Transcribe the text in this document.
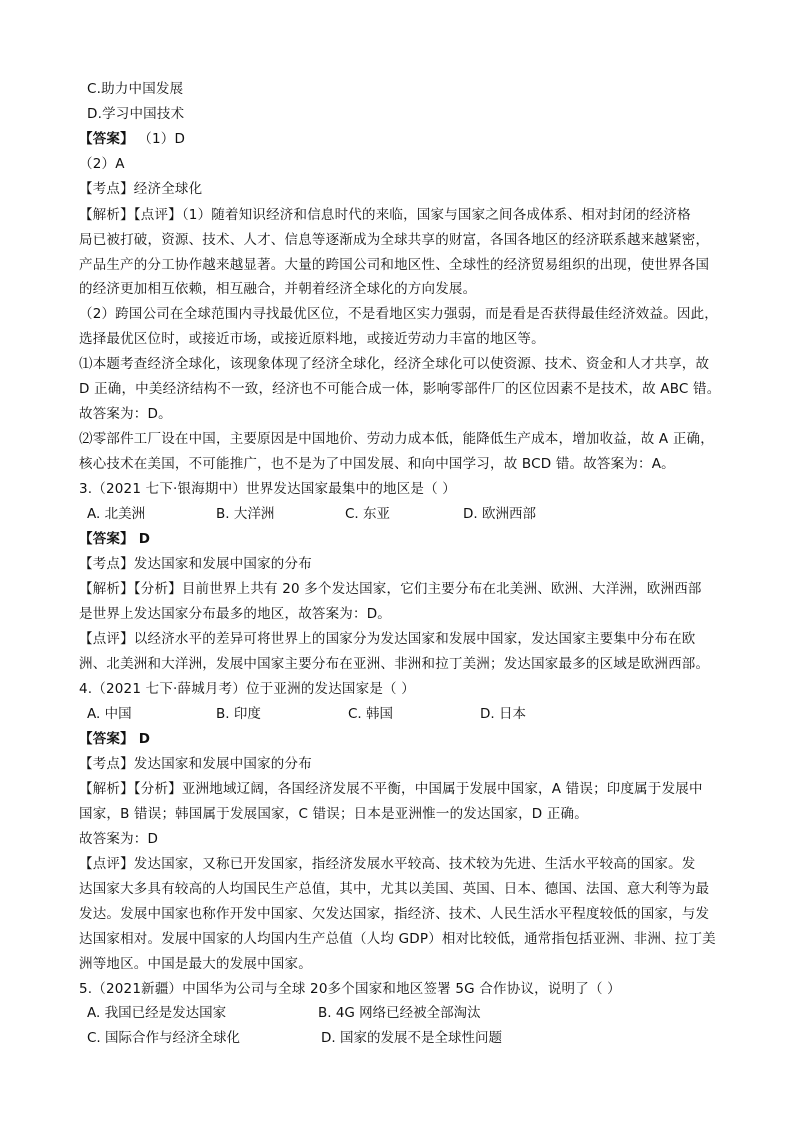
C.助力中国发展
D.学习中国技术
【答案】 （1）D
（2）A
【考点】经济全球化
【解析】【点评】（1）随着知识经济和信息时代的来临，国家与国家之间各成体系、相对封闭的经济格
局已被打破，资源、技术、人才、信息等逐渐成为全球共享的财富，各国各地区的经济联系越来越紧密，
产品生产的分工协作越来越显著。大量的跨国公司和地区性、全球性的经济贸易组织的出现，使世界各国
的经济更加相互依赖，相互融合，并朝着经济全球化的方向发展。
（2）跨国公司在全球范围内寻找最优区位，不是看地区实力强弱，而是看是否获得最佳经济效益。因此，
选择最优区位时，或接近市场，或接近原料地，或接近劳动力丰富的地区等。
⑴本题考查经济全球化，该现象体现了经济全球化，经济全球化可以使资源、技术、资金和人才共享，故
D 正确，中美经济结构不一致，经济也不可能合成一体，影响零部件厂的区位因素不是技术，故 ABC 错。
故答案为：D。
⑵零部件工厂设在中国，主要原因是中国地价、劳动力成本低，能降低生产成本，增加收益，故 A 正确，
核心技术在美国，不可能推广，也不是为了中国发展、和向中国学习，故 BCD 错。故答案为：A。
3.（2021 七下·银海期中）世界发达国家最集中的地区是（ ）
A. 北美洲	B. 大洋洲	C. 东亚	D. 欧洲西部
【答案】 D
【考点】发达国家和发展中国家的分布
【解析】【分析】目前世界上共有 20 多个发达国家，它们主要分布在北美洲、欧洲、大洋洲，欧洲西部
是世界上发达国家分布最多的地区，故答案为：D。
【点评】以经济水平的差异可将世界上的国家分为发达国家和发展中国家，发达国家主要集中分布在欧
洲、北美洲和大洋洲，发展中国家主要分布在亚洲、非洲和拉丁美洲；发达国家最多的区域是欧洲西部。
4.（2021 七下·薛城月考）位于亚洲的发达国家是（ ）
A. 中国	B. 印度	C. 韩国	D. 日本
【答案】 D
【考点】发达国家和发展中国家的分布
【解析】【分析】亚洲地域辽阔，各国经济发展不平衡，中国属于发展中国家，A 错误；印度属于发展中
国家，B 错误；韩国属于发展国家，C 错误；日本是亚洲惟一的发达国家，D 正确。
故答案为：D
【点评】发达国家，又称已开发国家，指经济发展水平较高、技术较为先进、生活水平较高的国家。发
达国家大多具有较高的人均国民生产总值，其中，尤其以美国、英国、日本、德国、法国、意大利等为最
发达。发展中国家也称作开发中国家、欠发达国家，指经济、技术、人民生活水平程度较低的国家，与发
达国家相对。发展中国家的人均国内生产总值（人均 GDP）相对比较低，通常指包括亚洲、非洲、拉丁美
洲等地区。中国是最大的发展中国家。
5.（2021新疆）中国华为公司与全球 20多个国家和地区签署 5G 合作协议，说明了（ ）
A. 我国已经是发达国家	B. 4G 网络已经被全部淘汰
C. 国际合作与经济全球化	D. 国家的发展不是全球性问题
